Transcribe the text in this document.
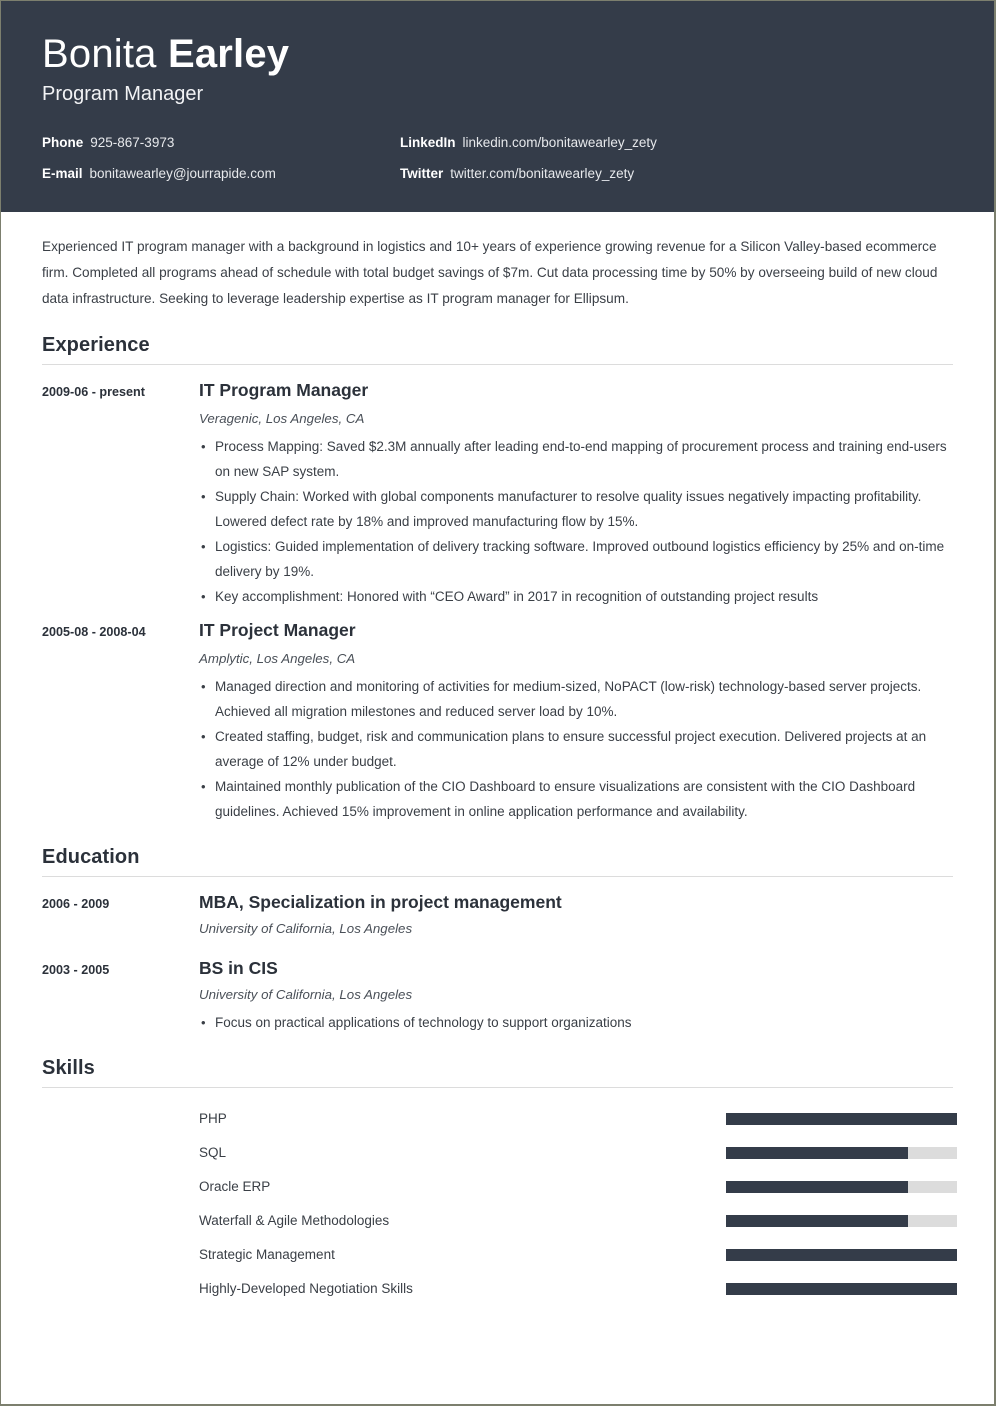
Bonita Earley
Program Manager
Phone 925-867-3973	LinkedIn linkedin.com/bonitawearley_zety
E-mail bonitawearley@jourrapide.com	Twitter twitter.com/bonitawearley_zety

Experienced IT program manager with a background in logistics and 10+ years of experience growing revenue for a Silicon Valley-based ecommerce firm. Completed all programs ahead of schedule with total budget savings of $7m. Cut data processing time by 50% by overseeing build of new cloud data infrastructure. Seeking to leverage leadership expertise as IT program manager for Ellipsum.

Experience
2009-06 - present	IT Program Manager
Veragenic, Los Angeles, CA
• Process Mapping: Saved $2.3M annually after leading end-to-end mapping of procurement process and training end-users on new SAP system.
• Supply Chain: Worked with global components manufacturer to resolve quality issues negatively impacting profitability. Lowered defect rate by 18% and improved manufacturing flow by 15%.
• Logistics: Guided implementation of delivery tracking software. Improved outbound logistics efficiency by 25% and on-time delivery by 19%.
• Key accomplishment: Honored with “CEO Award” in 2017 in recognition of outstanding project results
2005-08 - 2008-04	IT Project Manager
Amplytic, Los Angeles, CA
• Managed direction and monitoring of activities for medium-sized, NoPACT (low-risk) technology-based server projects. Achieved all migration milestones and reduced server load by 10%.
• Created staffing, budget, risk and communication plans to ensure successful project execution. Delivered projects at an average of 12% under budget.
• Maintained monthly publication of the CIO Dashboard to ensure visualizations are consistent with the CIO Dashboard guidelines. Achieved 15% improvement in online application performance and availability.
Education
2006 - 2009	MBA, Specialization in project management
University of California, Los Angeles
2003 - 2005	BS in CIS
University of California, Los Angeles
• Focus on practical applications of technology to support organizations
Skills
PHP
SQL
Oracle ERP
Waterfall & Agile Methodologies
Strategic Management
Highly-Developed Negotiation Skills
